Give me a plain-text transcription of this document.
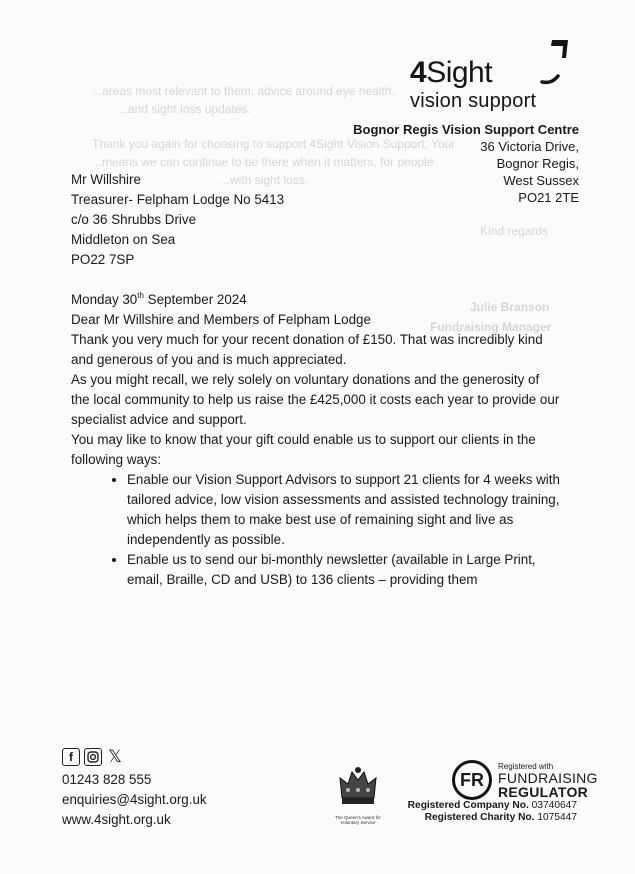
...areas most relevant to them, advice around eye health,
...and sight loss updates.
Thank you again for choosing to support 4Sight Vision Support. Your
...means we can continue to be there when it matters, for people
...with sight loss.
Kind regards
Julie Branson
Fundraising Manager
4Sight
vision support
Bognor Regis Vision Support Centre
36 Victoria Drive,
Bognor Regis,
West Sussex
PO21 2TE

Mr Willshire

Treasurer- Felpham Lodge No 5413

c/o 36 Shrubbs Drive

Middleton on Sea

PO22 7SP

Monday 30th September 2024

Dear Mr Willshire and Members of Felpham Lodge

Thank you very much for your recent donation of £150. That was incredibly kind and generous of you and is much appreciated.

As you might recall, we rely solely on voluntary donations and the generosity of the local community to help us raise the £425,000 it costs each year to provide our specialist advice and support.

You may like to know that your gift could enable us to support our clients in the following ways:

• Enable our Vision Support Advisors to support 21 clients for 4 weeks with tailored advice, low vision assessments and assisted technology training, which helps them to make best use of remaining sight and live as independently as possible.
• Enable us to send our bi-monthly newsletter (available in Large Print, email, Braille, CD and USB) to 136 clients – providing them
f	𝕏
01243 828 555
enquiries@4sight.org.uk
www.4sight.org.uk	The Queen's Award for Voluntary Service
FR
Registered with
FUNDRAISING
REGULATOR
Registered Company No. 03740647
Registered Charity No. 1075447
